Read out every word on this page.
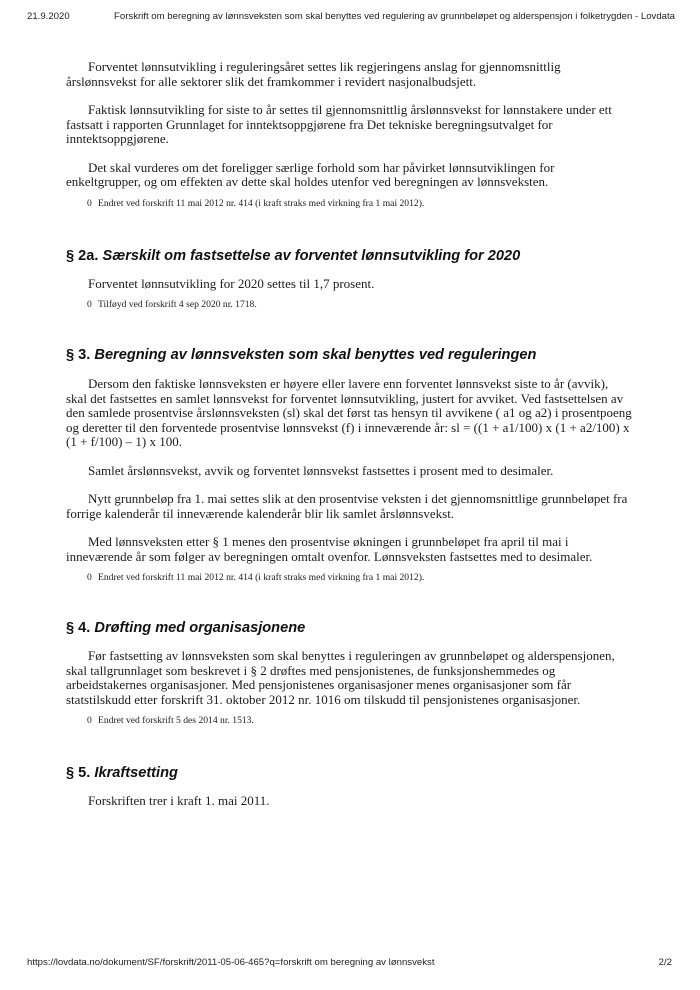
21.9.2020	Forskrift om beregning av lønnsveksten som skal benyttes ved regulering av grunnbeløpet og alderspensjon i folketrygden - Lovdata

Forventet lønnsutvikling i reguleringsåret settes lik regjeringens anslag for gjennomsnittlig årslønnsvekst for alle sektorer slik det framkommer i revidert nasjonalbudsjett.

Faktisk lønnsutvikling for siste to år settes til gjennomsnittlig årslønnsvekst for lønnstakere under ett fastsatt i rapporten Grunnlaget for inntektsoppgjørene fra Det tekniske beregningsutvalget for inntektsoppgjørene.

Det skal vurderes om det foreligger særlige forhold som har påvirket lønnsutviklingen for enkeltgrupper, og om effekten av dette skal holdes utenfor ved beregningen av lønnsveksten.

0 Endret ved forskrift 11 mai 2012 nr. 414 (i kraft straks med virkning fra 1 mai 2012).
§ 2a. Særskilt om fastsettelse av forventet lønnsutvikling for 2020

Forventet lønnsutvikling for 2020 settes til 1,7 prosent.

0 Tilføyd ved forskrift 4 sep 2020 nr. 1718.
§ 3. Beregning av lønnsveksten som skal benyttes ved reguleringen

Dersom den faktiske lønnsveksten er høyere eller lavere enn forventet lønnsvekst siste to år (avvik), skal det fastsettes en samlet lønnsvekst for forventet lønnsutvikling, justert for avviket. Ved fastsettelsen av den samlede prosentvise årslønnsveksten (sl) skal det først tas hensyn til avvikene ( a1 og a2) i prosentpoeng og deretter til den forventede prosentvise lønnsvekst (f) i inneværende år: sl = ((1 + a1/100) x (1 + a2/100) x (1 + f/100) – 1) x 100.

Samlet årslønnsvekst, avvik og forventet lønnsvekst fastsettes i prosent med to desimaler.

Nytt grunnbeløp fra 1. mai settes slik at den prosentvise veksten i det gjennomsnittlige grunnbeløpet fra forrige kalenderår til inneværende kalenderår blir lik samlet årslønnsvekst.

Med lønnsveksten etter § 1 menes den prosentvise økningen i grunnbeløpet fra april til mai i inneværende år som følger av beregningen omtalt ovenfor. Lønnsveksten fastsettes med to desimaler.

0 Endret ved forskrift 11 mai 2012 nr. 414 (i kraft straks med virkning fra 1 mai 2012).
§ 4. Drøfting med organisasjonene

Før fastsetting av lønnsveksten som skal benyttes i reguleringen av grunnbeløpet og alderspensjonen, skal tallgrunnlaget som beskrevet i § 2 drøftes med pensjonistenes, de funksjonshemmedes og arbeidstakernes organisasjoner. Med pensjonistenes organisasjoner menes organisasjoner som får statstilskudd etter forskrift 31. oktober 2012 nr. 1016 om tilskudd til pensjonistenes organisasjoner.

0 Endret ved forskrift 5 des 2014 nr. 1513.
§ 5. Ikraftsetting

Forskriften trer i kraft 1. mai 2011.

https://lovdata.no/dokument/SF/forskrift/2011-05-06-465?q=forskrift om beregning av lønnsvekst	2/2
